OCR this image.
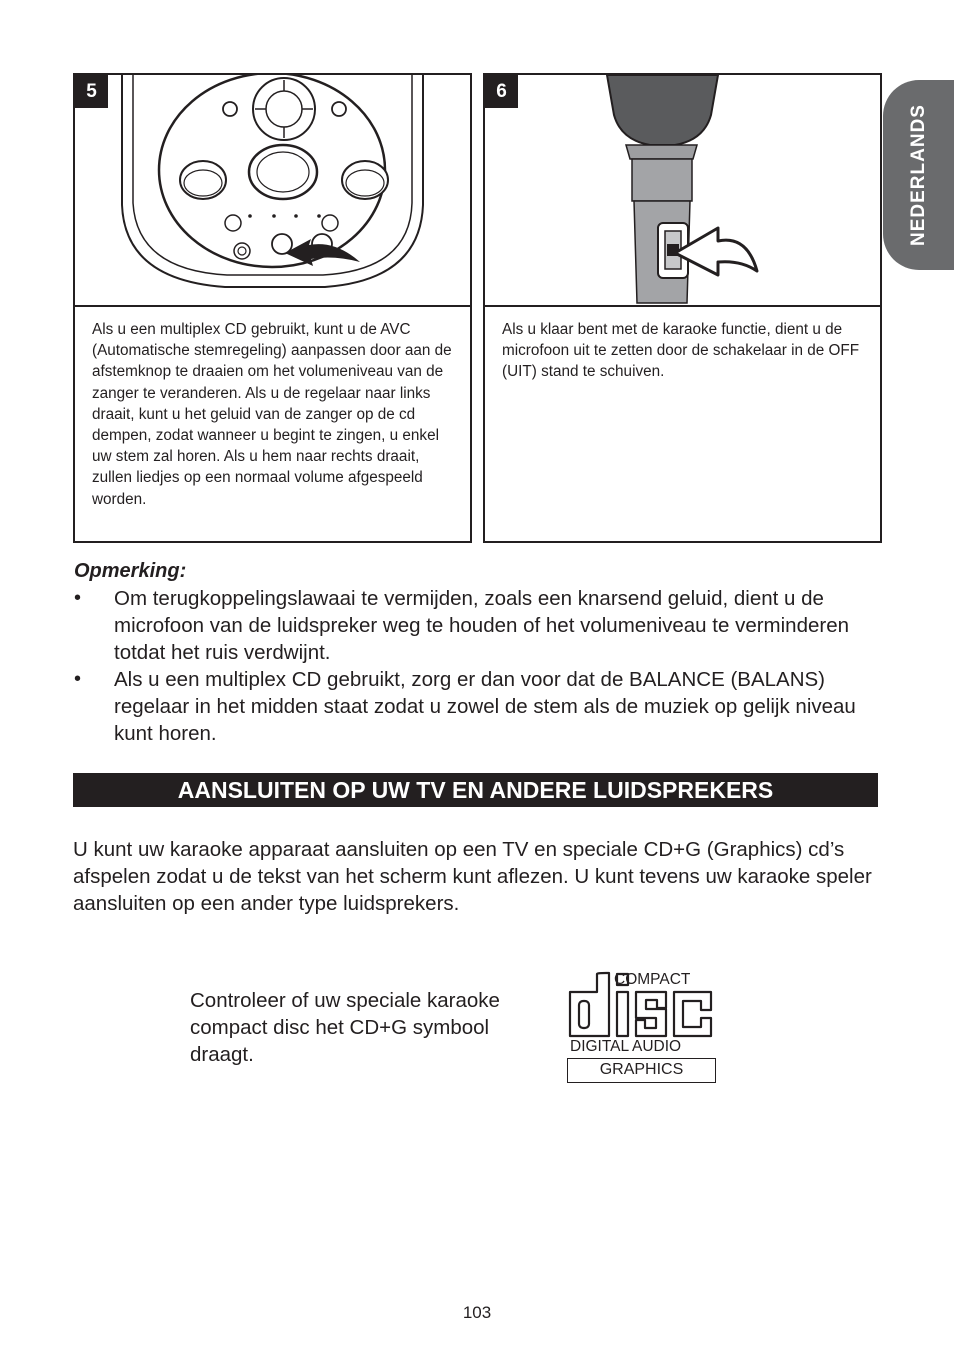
NEDERLANDS
5
Als u een multiplex CD gebruikt, kunt u de AVC (Automatische stemregeling) aanpassen door aan de afstemknop te draaien om het volumeniveau van de zanger te veranderen. Als u de regelaar naar links draait, kunt u het geluid van de zanger op de cd dempen, zodat wanneer u begint te zingen, u enkel uw stem zal horen. Als u hem naar rechts draait, zullen liedjes op een normaal volume afgespeeld worden.
6
Als u klaar bent met de karaoke functie, dient u de microfoon uit te zetten door de schakelaar in de OFF (UIT) stand te schuiven.
Opmerking:
• Om terugkoppelingslawaai te vermijden, zoals een knarsend geluid, dient u de microfoon van de luidspreker weg te houden of het volumeniveau te verminderen totdat het ruis verdwijnt.
• Als u een multiplex CD gebruikt, zorg er dan voor dat de BALANCE (BALANS) regelaar in het midden staat zodat u zowel de stem als de muziek op gelijk niveau kunt horen.
AANSLUITEN OP UW TV EN ANDERE LUIDSPREKERS
U kunt uw karaoke apparaat aansluiten op een TV en speciale CD+G (Graphics) cd’s afspelen zodat u de tekst van het scherm kunt aflezen. U kunt tevens uw karaoke speler aansluiten op een ander type luidsprekers.
Controleer of uw speciale karaoke compact disc het CD+G symbool draagt.
COMPACT
disc
DIGITAL AUDIO
GRAPHICS
103
